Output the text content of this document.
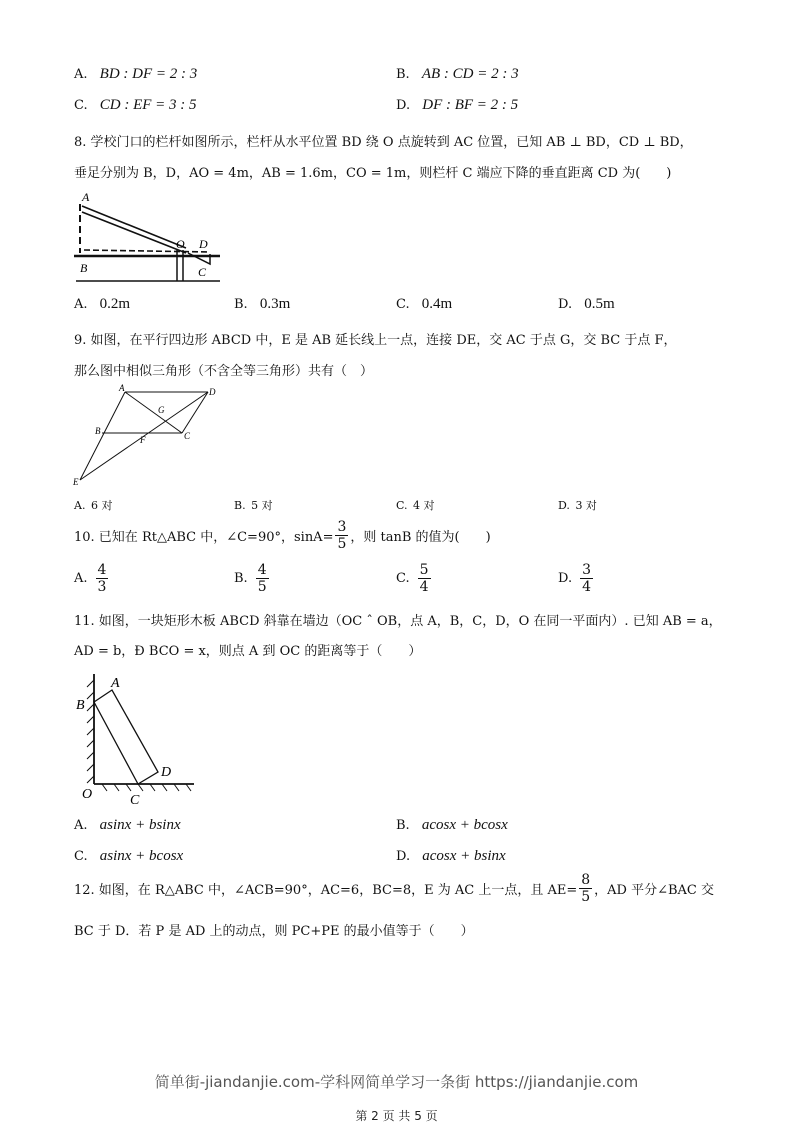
A. BD : DF = 2 : 3	B. AB : CD = 2 : 3
C. CD : EF = 3 : 5	D. DF : BF = 2 : 5
8. 学校门口的栏杆如图所示，栏杆从水平位置 BD 绕 O 点旋转到 AC 位置，已知 AB ⊥ BD，CD ⊥ BD，
垂足分别为 B，D，AO = 4m，AB = 1.6m，CO = 1m，则栏杆 C 端应下降的垂直距离 CD 为(　　)
A
O D
B	C
A. 0.2m	B. 0.3m	C. 0.4m	D. 0.5m
9. 如图，在平行四边形 ABCD 中，E 是 AB 延长线上一点，连接 DE，交 AC 于点 G，交 BC 于点 F，
那么图中相似三角形（不含全等三角形）共有（　）
A	D
G
B
F	C
E
A. 6 对	B. 5 对	C. 4 对	D. 3 对
10. 已知在 Rt△ABC 中，∠C=90°，$\sin A= \frac{3}{5}$ ，则 tanB 的值为(　　)
A. $\frac{4}{3}$	B. $\frac{4}{5}$	C. $\frac{5}{4}$	D. $\frac{3}{4}$
11. 如图，一块矩形木板 ABCD 斜靠在墙边（OC ˆ OB，点 A，B，C，D，O 在同一平面内）. 已知 AB = a，
AD = b，Ð BCO = x，则点 A 到 OC 的距离等于（　　）
A
B
D
O	C
A. asinx + bsinx	B. acosx + bcosx
C. asinx + bcosx	D. acosx + bsinx
12. 如图，在 R△ABC 中，∠ACB=90°，AC=6，BC=8，E 为 AC 上一点，且 $AE= \frac{8}{5}$ ，AD 平分∠BAC 交
BC 于 D．若 P 是 AD 上的动点，则 PC+PE 的最小值等于（　　）
简单街-jiandanjie.com-学科网简单学习一条街 https://jiandanjie.com
第 2 页 共 5 页
